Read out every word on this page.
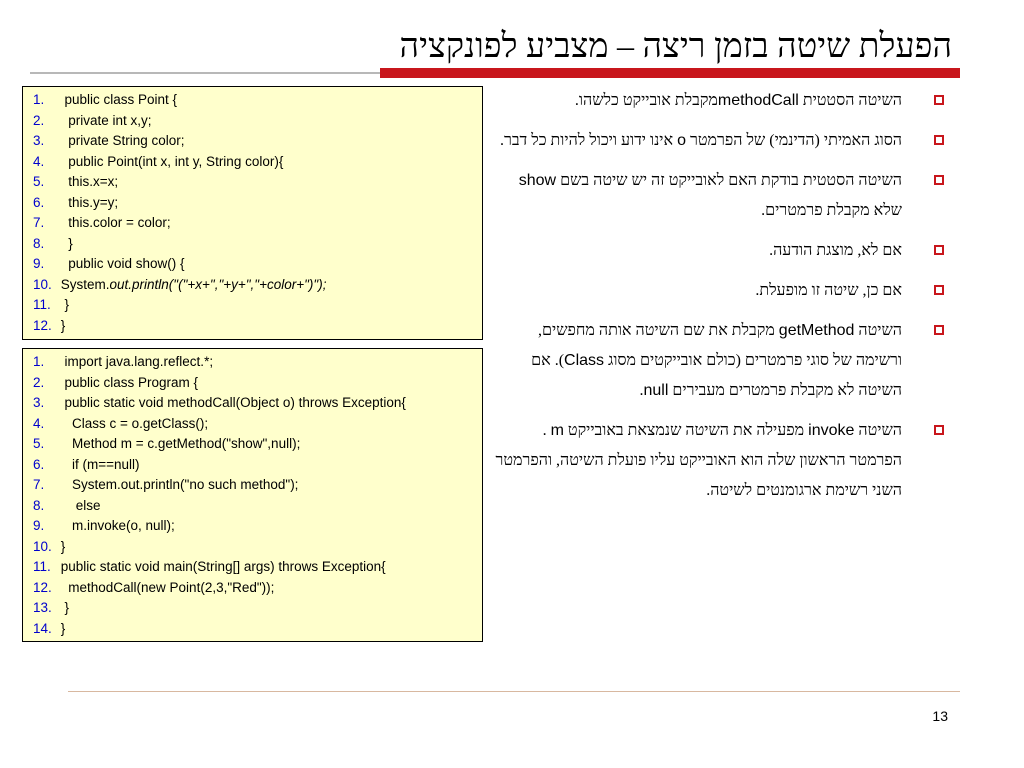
הפעלת שיטה בזמן ריצה – מצביע לפונקציה
1.  public class Point {
2.   private int x,y;
3.   private String color;
4.   public Point(int x, int y, String color){
5.   this.x=x;
6.   this.y=y;
7.   this.color = color;
8.   }
9.   public void show() {
10. System.out.println("("+x+","+y+","+color+")");
11.  }
12. }
1.  import java.lang.reflect.*;
2.  public class Program {
3.  public static void methodCall(Object o) throws Exception{
4.    Class c = o.getClass();
5.    Method m = c.getMethod("show",null);
6.    if (m==null)
7.    System.out.println("no such method");
8.     else
9.    m.invoke(o, null);
10. }
11. public static void main(String[] args) throws Exception{
12.   methodCall(new Point(2,3,"Red"));
13.  }
14. }
השיטה הסטטית methodCallמקבלת אובייקט כלשהו.
הסוג האמיתי (הדינמי) של הפרמטר o אינו ידוע ויכול להיות כל דבר.
השיטה הסטטית בודקת האם לאובייקט זה יש שיטה בשם show שלא מקבלת פרמטרים.
אם לא, מוצגת הודעה.
אם כן, שיטה זו מופעלת.
השיטה getMethod מקבלת את שם השיטה אותה מחפשים, ורשימה של סוגי פרמטרים (כולם אובייקטים מסוג Class). אם השיטה לא מקבלת פרמטרים מעבירים null.
השיטה invoke מפעילה את השיטה שנמצאת באובייקט m . הפרמטר הראשון שלה הוא האובייקט עליו פועלת השיטה, והפרמטר השני רשימת ארגומנטים לשיטה.
13
